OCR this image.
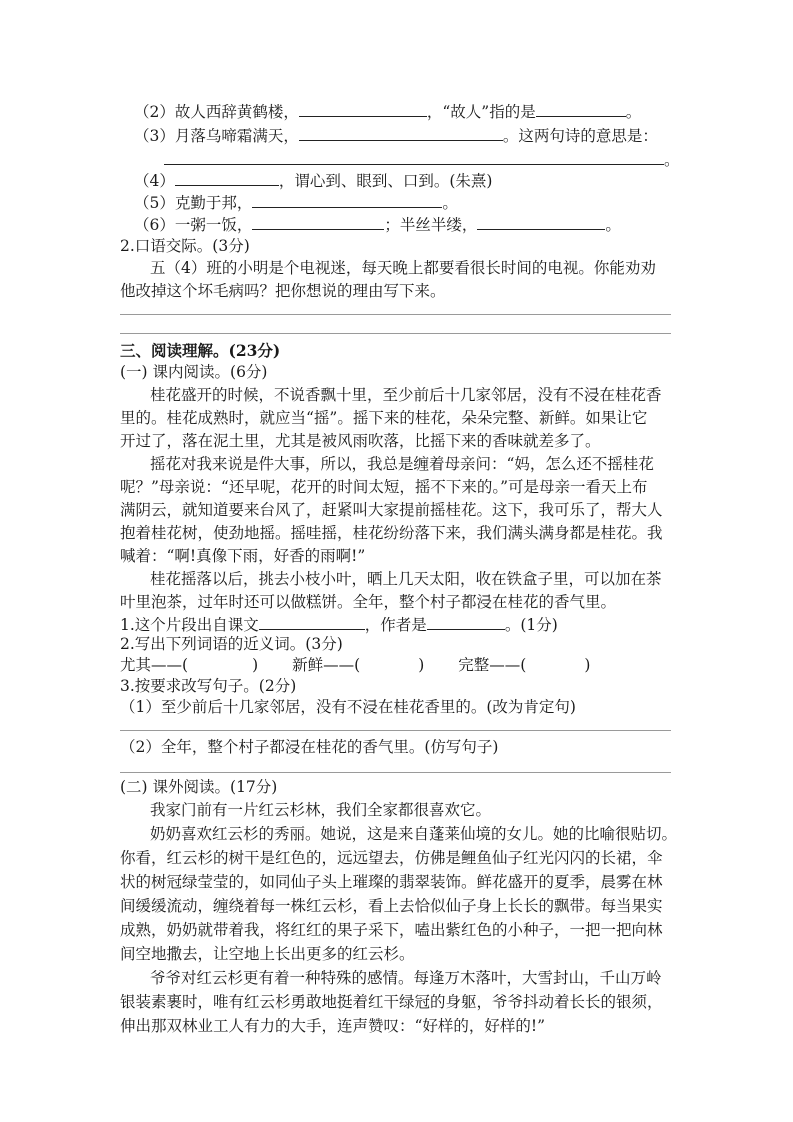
（2）故人西辞黄鹤楼，	，“故人”指的是	。
（3）月落乌啼霜满天，	。这两句诗的意思是：
。
（4）	，谓心到、眼到、口到。(朱熹)
（5）克勤于邦，	。
（6）一粥一饭，	；半丝半缕，	。
2.口语交际。(3分)
五（4）班的小明是个电视迷，每天晚上都要看很长时间的电视。你能劝劝
他改掉这个坏毛病吗？把你想说的理由写下来。
三、阅读理解。(23分)
(一) 课内阅读。(6分)
桂花盛开的时候，不说香飘十里，至少前后十几家邻居，没有不浸在桂花香
里的。桂花成熟时，就应当“摇”。摇下来的桂花，朵朵完整、新鲜。如果让它
开过了，落在泥土里，尤其是被风雨吹落，比摇下来的香味就差多了。
摇花对我来说是件大事，所以，我总是缠着母亲问：“妈，怎么还不摇桂花
呢？”母亲说：“还早呢，花开的时间太短，摇不下来的。”可是母亲一看天上布
满阴云，就知道要来台风了，赶紧叫大家提前摇桂花。这下，我可乐了，帮大人
抱着桂花树，使劲地摇。摇哇摇，桂花纷纷落下来，我们满头满身都是桂花。我
喊着：“啊!真像下雨，好香的雨啊!”
桂花摇落以后，挑去小枝小叶，晒上几天太阳，收在铁盒子里，可以加在茶
叶里泡茶，过年时还可以做糕饼。全年，整个村子都浸在桂花的香气里。
1.这个片段出自课文	，作者是	。(1分)
2.写出下列词语的近义词。(3分)
尤其——(	) 新鲜——(	) 完整——(	)
3.按要求改写句子。(2分)
（1）至少前后十几家邻居，没有不浸在桂花香里的。(改为肯定句)
（2）全年，整个村子都浸在桂花的香气里。(仿写句子)
(二) 课外阅读。(17分)
我家门前有一片红云杉林，我们全家都很喜欢它。
奶奶喜欢红云杉的秀丽。她说，这是来自蓬莱仙境的女儿。她的比喻很贴切。
你看，红云杉的树干是红色的，远远望去，仿佛是鲤鱼仙子红光闪闪的长裙，伞
状的树冠绿莹莹的，如同仙子头上璀璨的翡翠装饰。鲜花盛开的夏季，晨雾在林
间缓缓流动，缠绕着每一株红云杉，看上去恰似仙子身上长长的飘带。每当果实
成熟，奶奶就带着我，将红红的果子采下，嗑出紫红色的小种子，一把一把向林
间空地撒去，让空地上长出更多的红云杉。
爷爷对红云杉更有着一种特殊的感情。每逢万木落叶，大雪封山，千山万岭
银装素裹时，唯有红云杉勇敢地挺着红干绿冠的身躯，爷爷抖动着长长的银须，
伸出那双林业工人有力的大手，连声赞叹：“好样的，好样的!”
